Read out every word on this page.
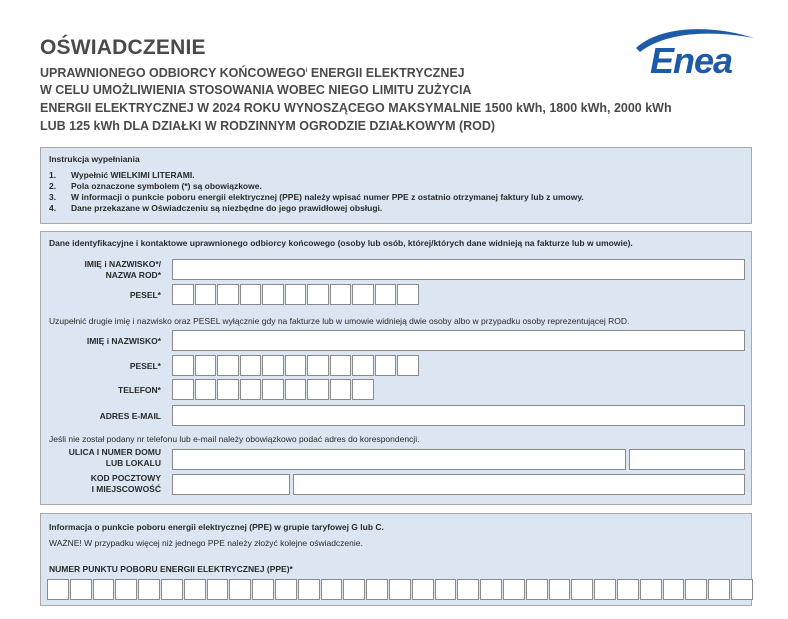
OŚWIADCZENIE
UPRAWNIONEGO ODBIORCY KOŃCOWEGO$^i$ ENERGII ELEKTRYCZNEJ
W CELU UMOŻLIWIENIA STOSOWANIA WOBEC NIEGO LIMITU ZUŻYCIA
ENERGII ELEKTRYCZNEJ W 2024 ROKU WYNOSZĄCEGO MAKSYMALNIE 1500 kWh, 1800 kWh, 2000 kWh
LUB 125 kWh DLA DZIAŁKI W RODZINNYM OGRODZIE DZIAŁKOWYM (ROD)
Enea
Instrukcja wypełniania
1. Wypełnić WIELKIMI LITERAMI.
2. Pola oznaczone symbolem (*) są obowiązkowe.
3. W informacji o punkcie poboru energii elektrycznej (PPE) należy wpisać numer PPE z ostatnio otrzymanej faktury lub z umowy.
4. Dane przekazane w Oświadczeniu są niezbędne do jego prawidłowej obsługi.
Dane identyfikacyjne i kontaktowe uprawnionego odbiorcy końcowego (osoby lub osób, której/których dane widnieją na fakturze lub w umowie).
IMIĘ i NAZWISKO*/
NAZWA ROD*
PESEL*
Uzupełnić drugie imię i nazwisko oraz PESEL wyłącznie gdy na fakturze lub w umowie widnieją dwie osoby albo w przypadku osoby reprezentującej ROD.
IMIĘ i NAZWISKO*
PESEL*
TELEFON*
ADRES E-MAIL
Jeśli nie został podany nr telefonu lub e-mail należy obowiązkowo podać adres do korespondencji.
ULICA I NUMER DOMU
LUB LOKALU
KOD POCZTOWY
I MIEJSCOWOŚĆ
Informacja o punkcie poboru energii elektrycznej (PPE) w grupie taryfowej G lub C.
WAŻNE! W przypadku więcej niż jednego PPE należy złożyć kolejne oświadczenie.
NUMER PUNKTU POBORU ENERGII ELEKTRYCZNEJ (PPE)*
